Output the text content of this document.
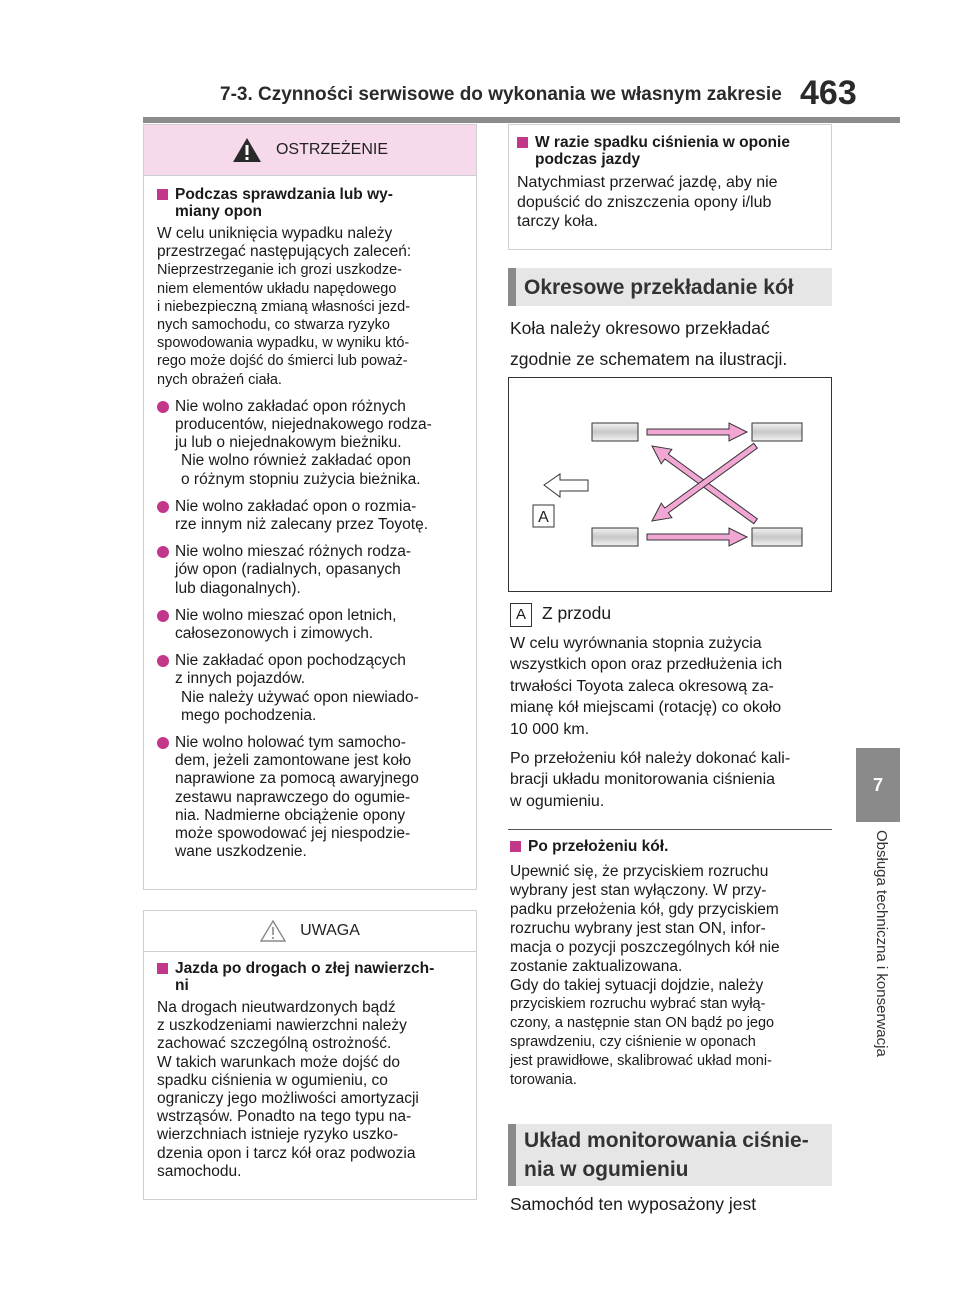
7-3. Czynności serwisowe do wykonania we własnym zakresie 463
7
Obsługa techniczna i konserwacja
OSTRZEŻENIE
Podczas sprawdzania lub wy-
miany opon
W celu uniknięcia wypadku należy
przestrzegać następujących zaleceń:
Nieprzestrzeganie ich grozi uszkodze-
niem elementów układu napędowego
i niebezpieczną zmianą własności jezd-
nych samochodu, co stwarza ryzyko
spowodowania wypadku, w wyniku któ-
rego może dojść do śmierci lub poważ-
nych obrażeń ciała.
Nie wolno zakładać opon różnych
producentów, niejednakowego rodza-
ju lub o niejednakowym bieżniku.
Nie wolno również zakładać opon
o różnym stopniu zużycia bieżnika.
Nie wolno zakładać opon o rozmia-
rze innym niż zalecany przez Toyotę.
Nie wolno mieszać różnych rodza-
jów opon (radialnych, opasanych
lub diagonalnych).
Nie wolno mieszać opon letnich,
całosezonowych i zimowych.
Nie zakładać opon pochodzących
z innych pojazdów.
Nie należy używać opon niewiado-
mego pochodzenia.
Nie wolno holować tym samocho-
dem, jeżeli zamontowane jest koło
naprawione za pomocą awaryjnego
zestawu naprawczego do ogumie-
nia. Nadmierne obciążenie opony
może spowodować jej niespodzie-
wane uszkodzenie.
UWAGA
Jazda po drogach o złej nawierzch-
ni
Na drogach nieutwardzonych bądź
z uszkodzeniami nawierzchni należy
zachować szczególną ostrożność.
W takich warunkach może dojść do
spadku ciśnienia w ogumieniu, co
ograniczy jego możliwości amortyzacji
wstrząsów. Ponadto na tego typu na-
wierzchniach istnieje ryzyko uszko-
dzenia opon i tarcz kół oraz podwozia
samochodu.
W razie spadku ciśnienia w oponie
podczas jazdy
Natychmiast przerwać jazdę, aby nie
dopuścić do zniszczenia opony i/lub
tarczy koła.
Okresowe przekładanie kół
Koła należy okresowo przekładać
zgodnie ze schematem na ilustracji.
A
A Z przodu
W celu wyrównania stopnia zużycia
wszystkich opon oraz przedłużenia ich
trwałości Toyota zaleca okresową za-
mianę kół miejscami (rotację) co około
10 000 km.
Po przełożeniu kół należy dokonać kali-
bracji układu monitorowania ciśnienia
w ogumieniu.
Po przełożeniu kół.
Upewnić się, że przyciskiem rozruchu
wybrany jest stan wyłączony. W przy-
padku przełożenia kół, gdy przyciskiem
rozruchu wybrany jest stan ON, infor-
macja o pozycji poszczególnych kół nie
zostanie zaktualizowana.
Gdy do takiej sytuacji dojdzie, należy
przyciskiem rozruchu wybrać stan wyłą-
czony, a następnie stan ON bądź po jego
sprawdzeniu, czy ciśnienie w oponach
jest prawidłowe, skalibrować układ moni-
torowania.
Układ monitorowania ciśnie-
nia w ogumieniu
Samochód ten wyposażony jest
